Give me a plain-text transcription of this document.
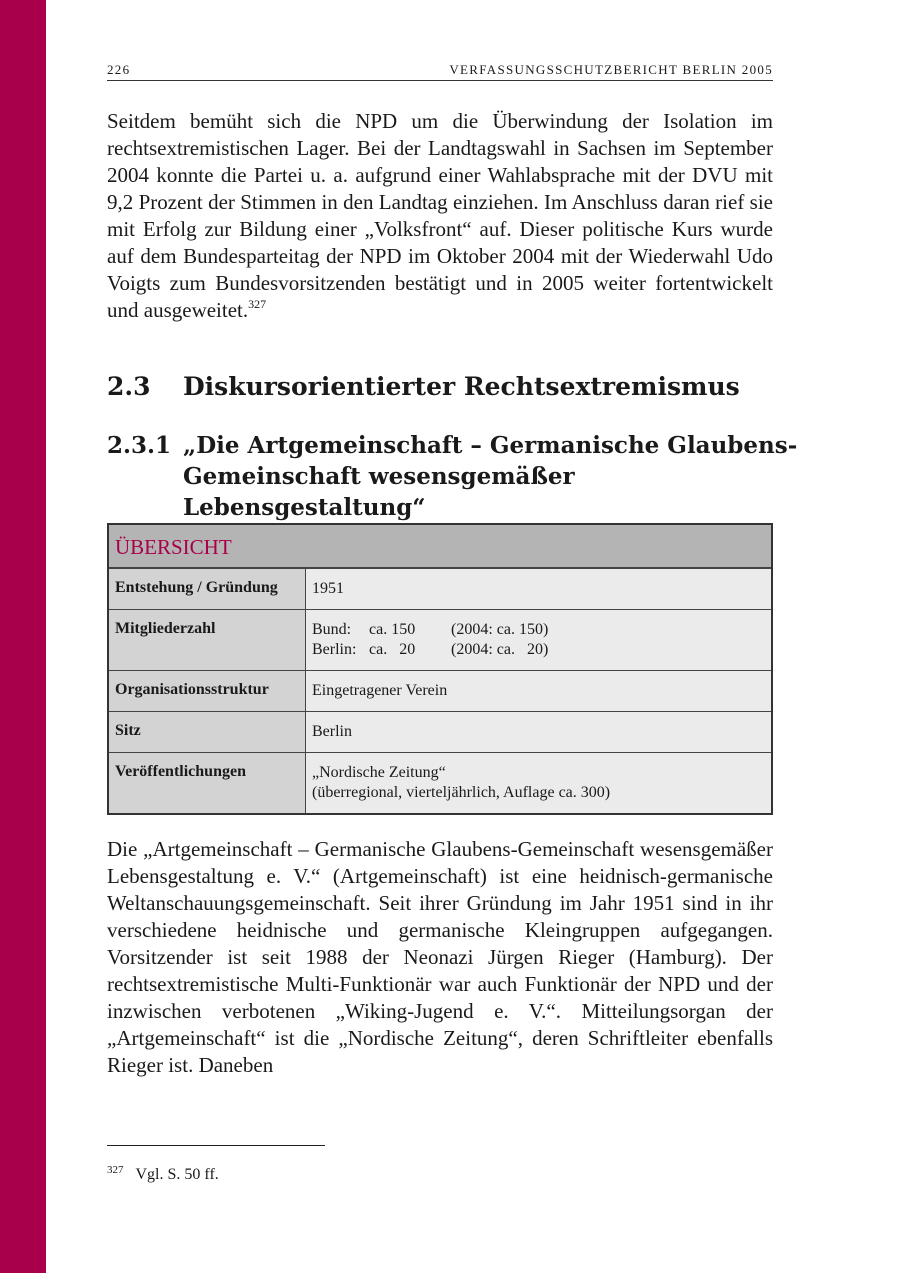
226	VERFASSUNGSSCHUTZBERICHT BERLIN 2005

Seitdem bemüht sich die NPD um die Überwindung der Isolation im rechtsextremistischen Lager. Bei der Landtagswahl in Sachsen im September 2004 konnte die Partei u. a. aufgrund einer Wahlabsprache mit der DVU mit 9,2 Prozent der Stimmen in den Landtag einziehen. Im Anschluss daran rief sie mit Erfolg zur Bildung einer „Volksfront“ auf. Dieser politische Kurs wurde auf dem Bundesparteitag der NPD im Oktober 2004 mit der Wiederwahl Udo Voigts zum Bundesvorsitzenden bestätigt und in 2005 weiter fortentwickelt und ausgeweitet.$^{327}$

2.3 Diskursorientierter Rechtsextremismus
2.3.1 „Die Artgemeinschaft – Germanische Glaubens-Gemeinschaft wesensgemäßer Lebensgestaltung“
ÜBERSICHT
Entstehung / Gründung	1951
Mitgliederzahl	Bund: ca. 150 (2004: ca. 150)
Berlin: ca.   20 (2004: ca.   20)
Organisationsstruktur	Eingetragener Verein
Sitz	Berlin
Veröffentlichungen	„Nordische Zeitung“
(überregional, vierteljährlich, Auflage ca. 300)

Die „Artgemeinschaft – Germanische Glaubens-Gemeinschaft wesensgemäßer Lebensgestaltung e. V.“ (Artgemeinschaft) ist eine heidnisch-germanische Weltanschauungsgemeinschaft. Seit ihrer Gründung im Jahr 1951 sind in ihr verschiedene heidnische und germanische Kleingruppen aufgegangen. Vorsitzender ist seit 1988 der Neonazi Jürgen Rieger (Hamburg). Der rechtsextremistische Multi-Funktionär war auch Funktionär der NPD und der inzwischen verbotenen „Wiking-Jugend e. V.“. Mitteilungsorgan der „Artgemeinschaft“ ist die „Nordische Zeitung“, deren Schriftleiter ebenfalls Rieger ist. Daneben

$^{327}$ Vgl. S. 50 ff.
